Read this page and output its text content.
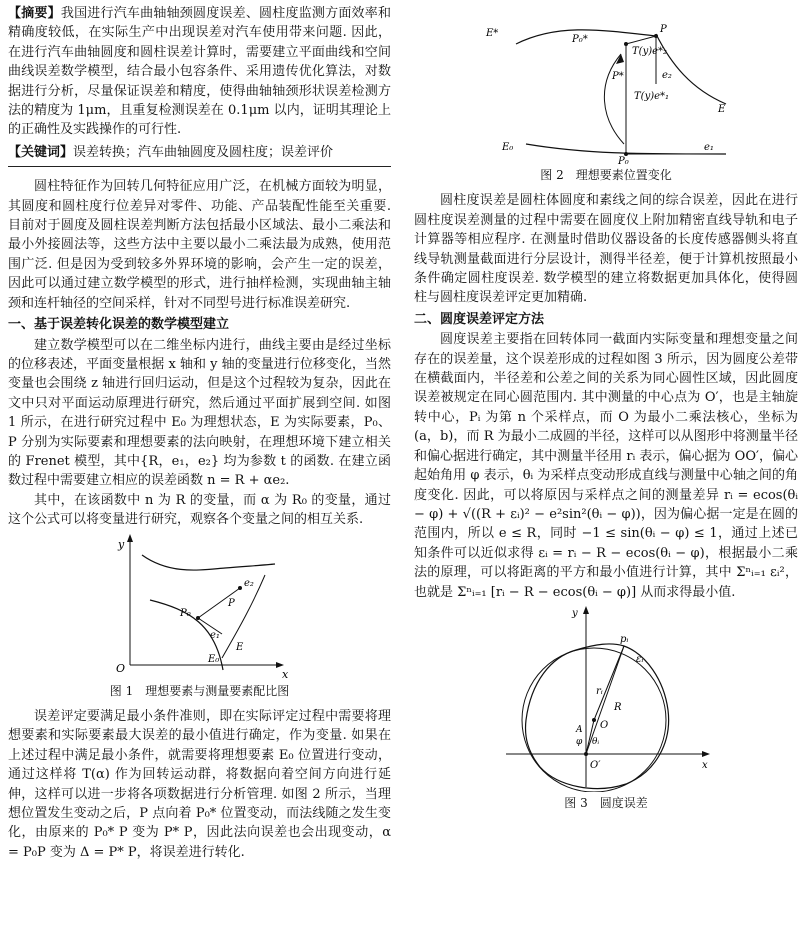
【摘要】我国进行汽车曲轴轴颈圆度误差、圆柱度监测方面效率和精确度较低，在实际生产中出现误差对汽车使用带来问题. 因此，在进行汽车曲轴圆度和圆柱误差计算时，需要建立平面曲线和空间曲线误差数学模型，结合最小包容条件、采用遗传优化算法，对数据进行分析，尽量保证误差和精度，使得曲轴轴颈形状误差检测方法的精度为 1μm，且重复检测误差在 0.1μm 以内，证明其理论上的正确性及实践操作的可行性.

【关键词】误差转换；汽车曲轴圆度及圆柱度；误差评价

圆柱特征作为回转几何特征应用广泛，在机械方面较为明显，其圆度和圆柱度行位差异对零件、功能、产品装配性能至关重要. 目前对于圆度及圆柱误差判断方法包括最小区域法、最小二乘法和最小外接圆法等，这些方法中主要以最小二乘法最为成熟，使用范围广泛. 但是因为受到较多外界环境的影响，会产生一定的误差，因此可以通过建立数学模型的形式，进行抽样检测，实现曲轴主轴颈和连杆轴径的空间采样，针对不同型号进行标准误差研究.

一、基于误差转化误差的数学模型建立

建立数学模型可以在二维坐标内进行，曲线主要由是经过坐标的位移表述，平面变量根据 x 轴和 y 轴的变量进行位移变化，当然变量也会围绕 z 轴进行回归运动，但是这个过程较为复杂，因此在文中只对平面运动原理进行研究，然后通过平面扩展到空间. 如图 1 所示，在进行研究过程中 E₀ 为理想状态，E 为实际要素，P₀、P 分别为实际要素和理想要素的法向映射，在理想环境下建立相关的 Frenet 模型，其中{R，e₁，e₂} 均为参数 t 的函数. 在建立函数过程中需要建立相应的误差函数 n = R + αe₂.

其中，在该函数中 n 为 R 的变量，而 α 为 R₀ 的变量，通过这个公式可以将变量进行研究，观察各个变量之间的相互关系.

y
x
O
e₂
P
P₀
e₁
E
E₀
图 1　理想要素与测量要素配比图

误差评定要满足最小条件准则，即在实际评定过程中需要将理想要素和实际要素最大误差的最小值进行确定，作为变量. 如果在上述过程中满足最小条件，就需要将理想要素 E₀ 位置进行变动，通过这样将 T(α) 作为回转运动群，将数据向着空间方向进行延伸，这样可以进一步将各项数据进行分析管理. 如图 2 所示，当理想位置发生变动之后，P 点向着 P₀* 位置变动，而法线随之发生变化，由原来的 P₀* P 变为 P* P，因此法向误差也会出现变动，α = P₀P 变为 Δ = P* P，将误差进行转化.

E*
P₀*
T(y)e*₂
P*
T(y)e*₁
P
e₂
E
E₀
P₀
e₁
图 2　理想要素位置变化

圆柱度误差是圆柱体圆度和素线之间的综合误差，因此在进行圆柱度误差测量的过程中需要在圆度仪上附加精密直线导轨和电子计算器等相应程序. 在测量时借助仪器设备的长度传感器侧头将直线导轨测量截面进行分层设计，测得半径差，便于计算机按照最小条件确定圆柱度误差. 数学模型的建立将数据更加具体化，使得圆柱与圆柱度误差评定更加精确.

二、圆度误差评定方法

圆度误差主要指在回转体同一截面内实际变量和理想变量之间存在的误差量，这个误差形成的过程如图 3 所示，因为圆度公差带在横截面内，半径差和公差之间的关系为同心圆性区域，因此圆度误差被规定在同心圆范围内. 其中测量的中心点为 O′，也是主轴旋转中心，Pᵢ 为第 n 个采样点，而 O 为最小二乘法核心，坐标为 (a，b)，而 R 为最小二成圆的半径，这样可以从图形中将测量半径和偏心据进行确定，其中测量半径用 rᵢ 表示，偏心据为 OO′，偏心起始角用 φ 表示，θᵢ 为采样点变动形成直线与测量中心轴之间的角度变化. 因此，可以将原因与采样点之间的测量差异 rᵢ = ecos(θᵢ − φ) + √((R + εᵢ)² − e²sin²(θᵢ − φ))，因为偏心据一定是在圆的范围内，所以 e ≤ R，同时 −1 ≤ sin(θᵢ − φ) ≤ 1，通过上述已知条件可以近似求得 εᵢ = rᵢ − R − ecos(θᵢ − φ)，根据最小二乘法的原理，可以将距离的平方和最小值进行计算，其中 Σⁿᵢ₌₁ εᵢ²，也就是 Σⁿᵢ₌₁ [rᵢ − R − ecos(θᵢ − φ)] 从而求得最小值.

y
x
pᵢ
εᵢ
rᵢ
R
O
O′
A
φ θᵢ
图 3　圆度误差
